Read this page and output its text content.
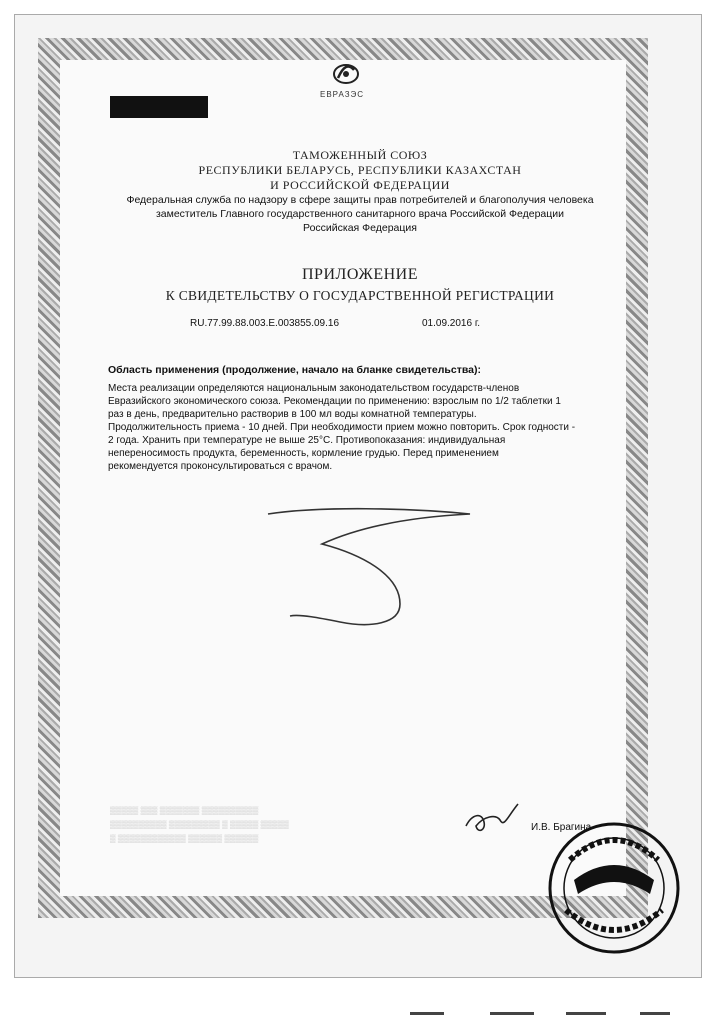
ЕВРАЗЭС
ТАМОЖЕННЫЙ СОЮЗ
РЕСПУБЛИКИ БЕЛАРУСЬ, РЕСПУБЛИКИ КАЗАХСТАН
И РОССИЙСКОЙ ФЕДЕРАЦИИ
Федеральная служба по надзору в сфере защиты прав потребителей и благополучия человека
заместитель Главного государственного санитарного врача Российской Федерации
Российская Федерация
ПРИЛОЖЕНИЕ
К СВИДЕТЕЛЬСТВУ О ГОСУДАРСТВЕННОЙ РЕГИСТРАЦИИ
RU.77.99.88.003.E.003855.09.16	01.09.2016 г.
Область применения (продолжение, начало на бланке свидетельства):
Места реализации определяются национальным законодательством государств-членов
Евразийского экономического союза. Рекомендации по применению: взрослым по 1/2 таблетки 1
раз в день, предварительно растворив в 100 мл воды комнатной температуры.
Продолжительность приема - 10 дней. При необходимости прием можно повторить. Срок годности -
2 года. Хранить при температуре не выше 25°С. Противопоказания: индивидуальная
непереносимость продукта, беременность, кормление грудью. Перед применением
рекомендуется проконсультироваться с врачом.
▒▒▒▒▒ ▒▒▒ ▒▒▒▒▒▒▒ ▒▒▒▒▒▒▒▒▒▒
▒▒▒▒▒▒▒▒▒▒ ▒▒▒▒▒▒▒▒▒ ▒ ▒▒▒▒▒ ▒▒▒▒▒
▒ ▒▒▒▒▒▒▒▒▒▒▒▒ ▒▒▒▒▒▒ ▒▒▒▒▒▒
И.В. Брагина
